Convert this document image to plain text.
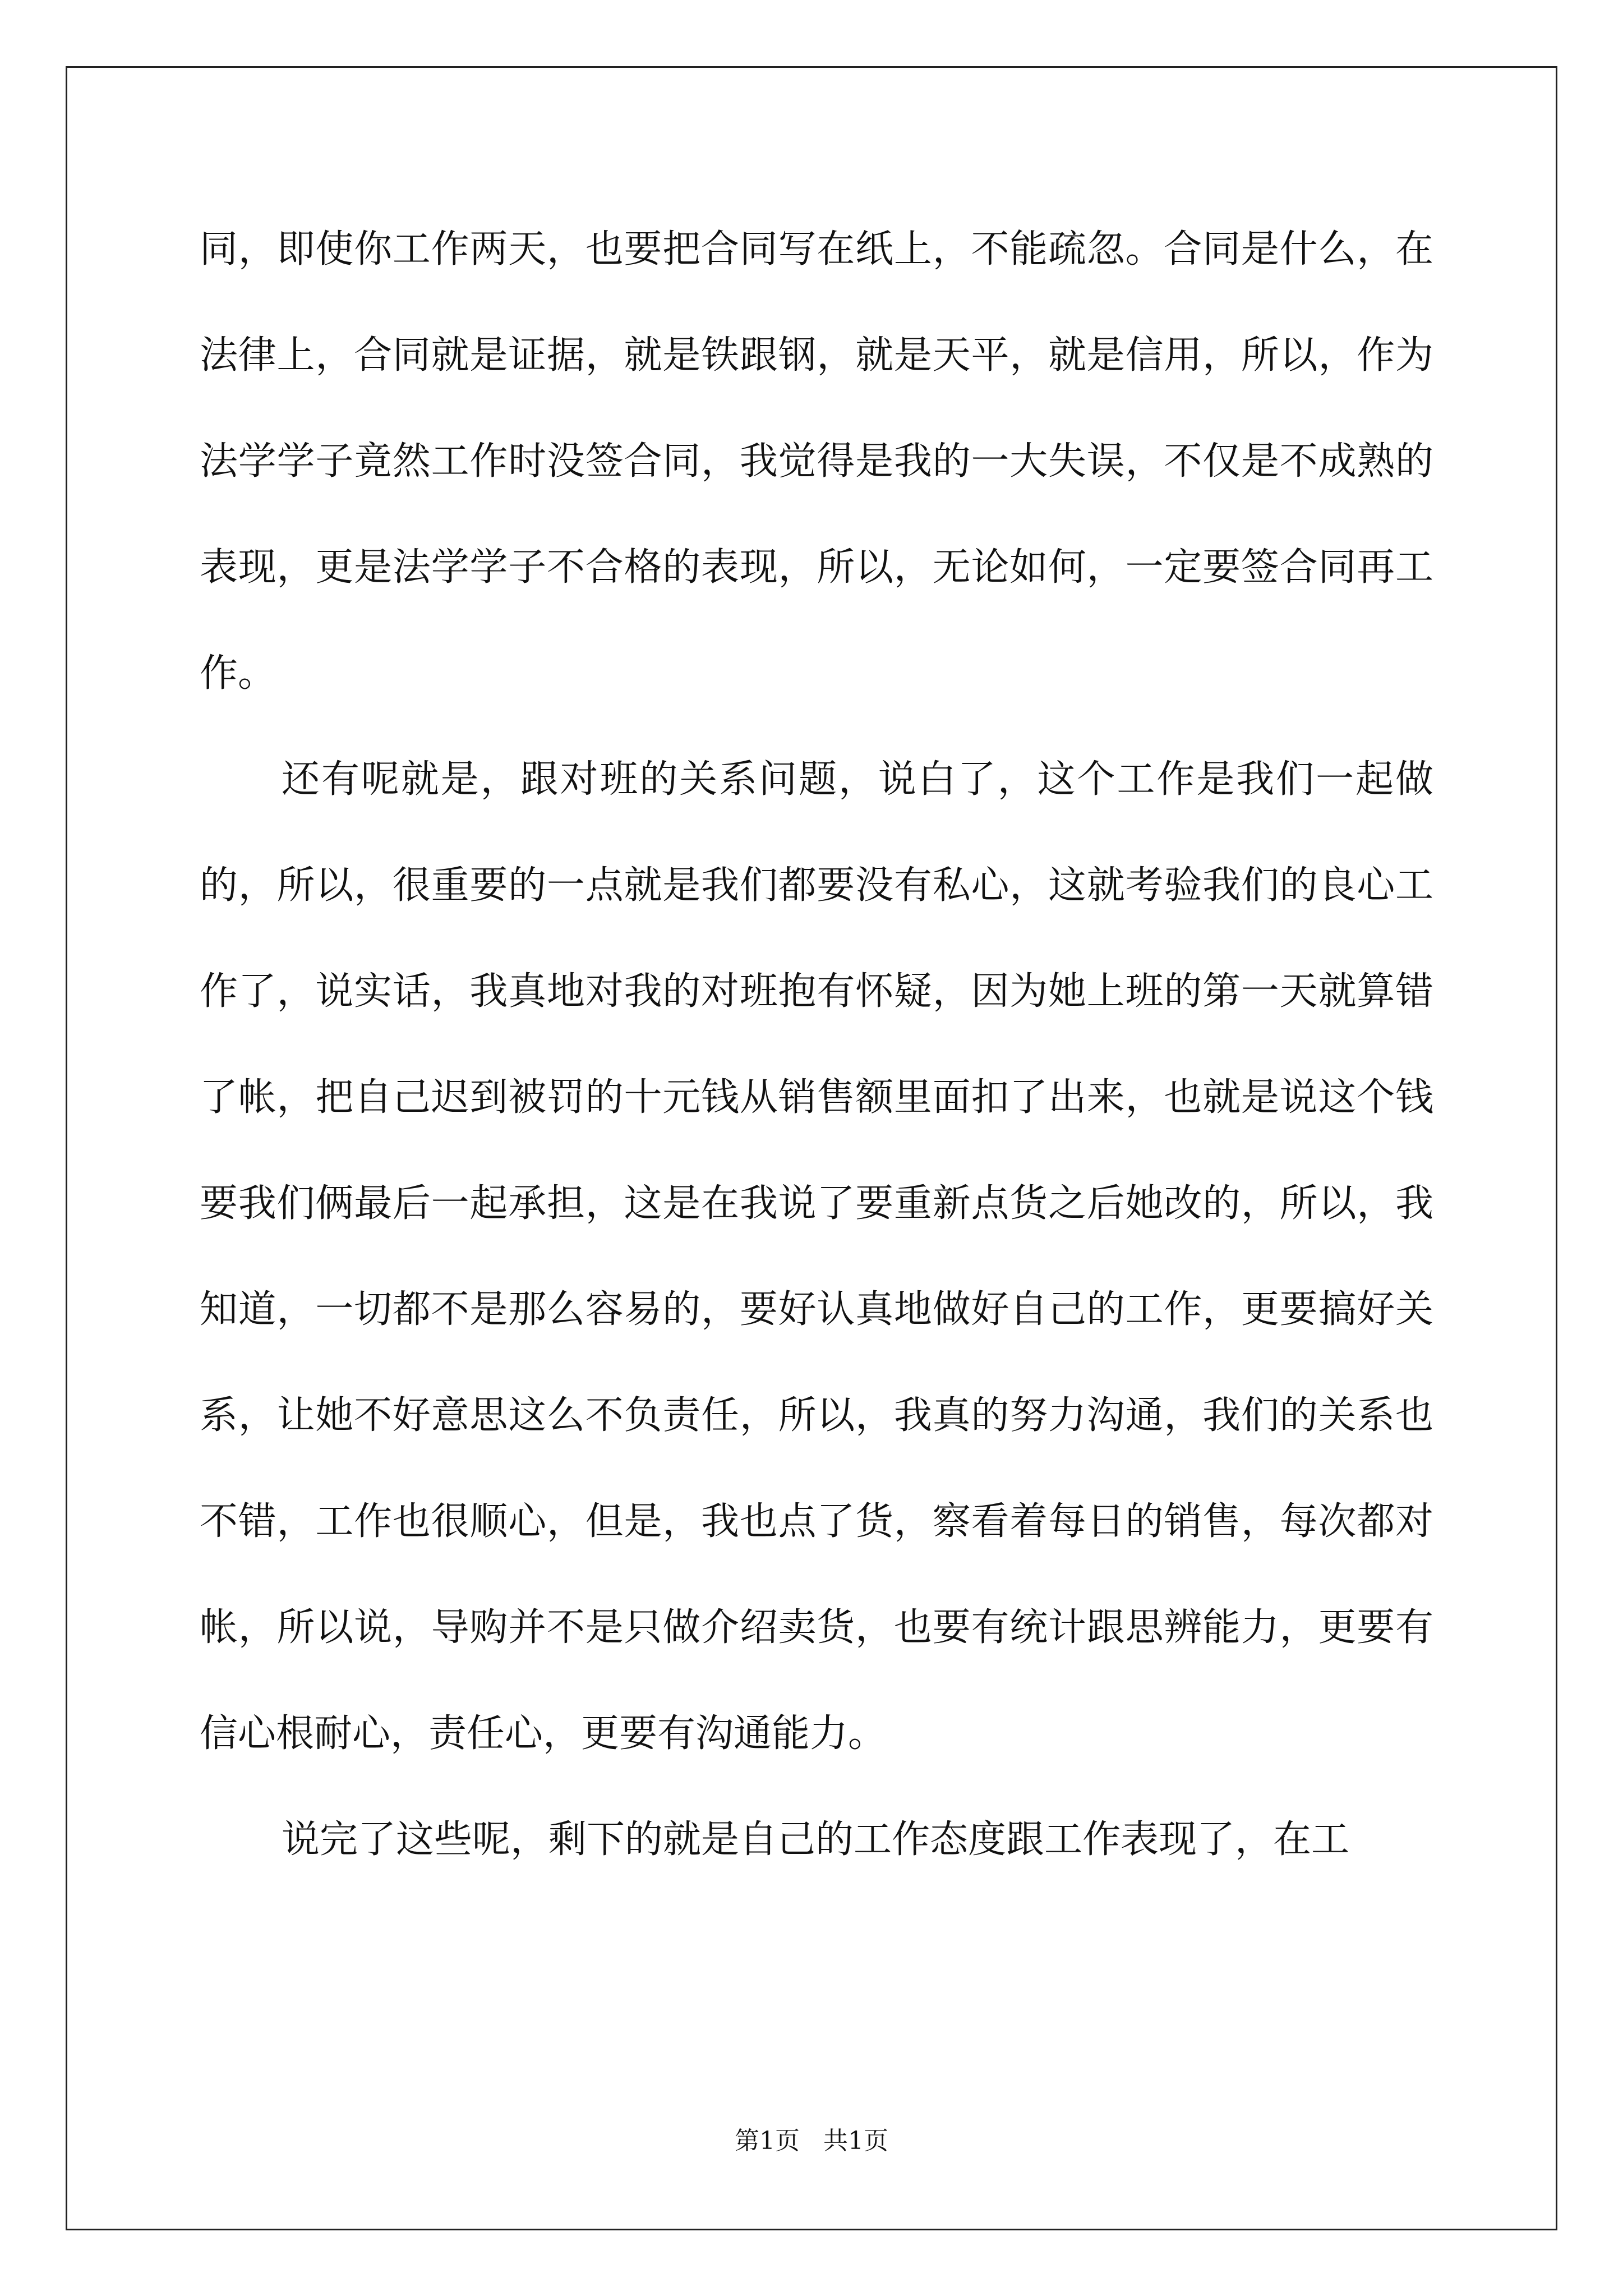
同，即使你工作两天，也要把合同写在纸上，不能疏忽。合同是什么，在法律上，合同就是证据，就是铁跟钢，就是天平，就是信用，所以，作为法学学子竟然工作时没签合同，我觉得是我的一大失误，不仅是不成熟的表现，更是法学学子不合格的表现，所以，无论如何，一定要签合同再工作。

还有呢就是，跟对班的关系问题，说白了，这个工作是我们一起做的，所以，很重要的一点就是我们都要没有私心，这就考验我们的良心工作了，说实话，我真地对我的对班抱有怀疑，因为她上班的第一天就算错了帐，把自己迟到被罚的十元钱从销售额里面扣了出来，也就是说这个钱要我们俩最后一起承担，这是在我说了要重新点货之后她改的，所以，我知道，一切都不是那么容易的，要好认真地做好自己的工作，更要搞好关系，让她不好意思这么不负责任，所以，我真的努力沟通，我们的关系也不错，工作也很顺心，但是，我也点了货，察看着每日的销售，每次都对帐，所以说，导购并不是只做介绍卖货，也要有统计跟思辨能力，更要有信心根耐心，责任心，更要有沟通能力。

说完了这些呢，剩下的就是自己的工作态度跟工作表现了，在工

第1页 共1页
